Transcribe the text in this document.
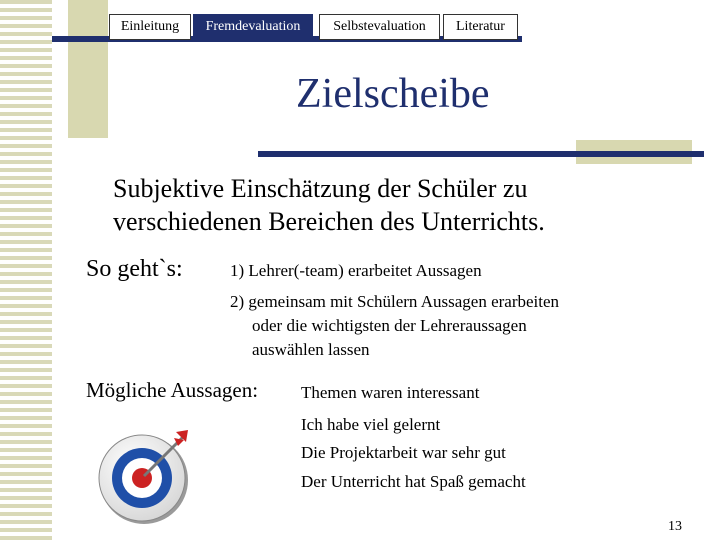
Einleitung	Fremdevaluation	Selbstevaluation	Literatur
Zielscheibe
Subjektive Einschätzung der Schüler zu verschiedenen Bereichen des Unterrichts.
So geht`s:	1) Lehrer(-team) erarbeitet Aussagen
2) gemeinsam mit Schülern Aussagen erarbeiten oder die wichtigsten der Lehreraussagen auswählen lassen
Mögliche Aussagen:	Themen waren interessant
Ich habe viel gelernt
Die Projektarbeit war sehr gut
Der Unterricht hat Spaß gemacht
13
